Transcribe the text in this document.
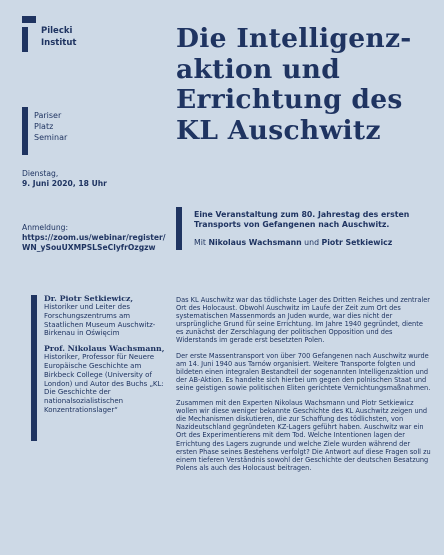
Pilecki
Institut	Die Intelligenz-
aktion und
Errichtung des
KL Auschwitz
Pariser
Platz
Seminar
Dienstag,
9. Juni 2020, 18 Uhr
Anmeldung:
https://zoom.us/webinar/register/
WN_ySouUXMPSLSeClyfrOzgzw
Eine Veranstaltung zum 80. Jahrestag des ersten Transports von Gefangenen nach Auschwitz.
Mit Nikolaus Wachsmann und Piotr Setkiewicz
Dr. Piotr Setkiewicz,
Historiker und Leiter des Forschungszentrums am Staatlichen Museum Auschwitz-Birkenau in Oświęcim
Prof. Nikolaus Wachsmann,
Historiker, Professor für Neuere Europäische Geschichte am Birkbeck College (University of London) und Autor des Buchs „KL: Die Geschichte der nationalsozialistischen Konzentrationslager“

Das KL Auschwitz war das tödlichste Lager des Dritten Reiches und zentraler Ort des Holocaust. Obwohl Auschwitz im Laufe der Zeit zum Ort des systematischen Massenmords an Juden wurde, war dies nicht der ursprüngliche Grund für seine Errichtung. Im Jahre 1940 gegründet, diente es zunächst der Zerschlagung der politischen Opposition und des Widerstands im gerade erst besetzten Polen.

Der erste Massentransport von über 700 Gefangenen nach Auschwitz wurde am 14. Juni 1940 aus Tarnów organisiert. Weitere Transporte folgten und bildeten einen integralen Bestandteil der sogenannten Intelligenzaktion und der AB-Aktion. Es handelte sich hierbei um gegen den polnischen Staat und seine geistigen sowie politischen Eliten gerichtete Vernichtungsmaßnahmen.

Zusammen mit den Experten Nikolaus Wachsmann und Piotr Setkiewicz wollen wir diese weniger bekannte Geschichte des KL Auschwitz zeigen und die Mechanismen diskutieren, die zur Schaffung des tödlichsten, von Nazideutschland gegründeten KZ-Lagers geführt haben. Auschwitz war ein Ort des Experimentierens mit dem Tod. Welche Intentionen lagen der Errichtung des Lagers zugrunde und welche Ziele wurden während der ersten Phase seines Bestehens verfolgt? Die Antwort auf diese Fragen soll zu einem tieferen Verständnis sowohl der Geschichte der deutschen Besatzung Polens als auch des Holocaust beitragen.
